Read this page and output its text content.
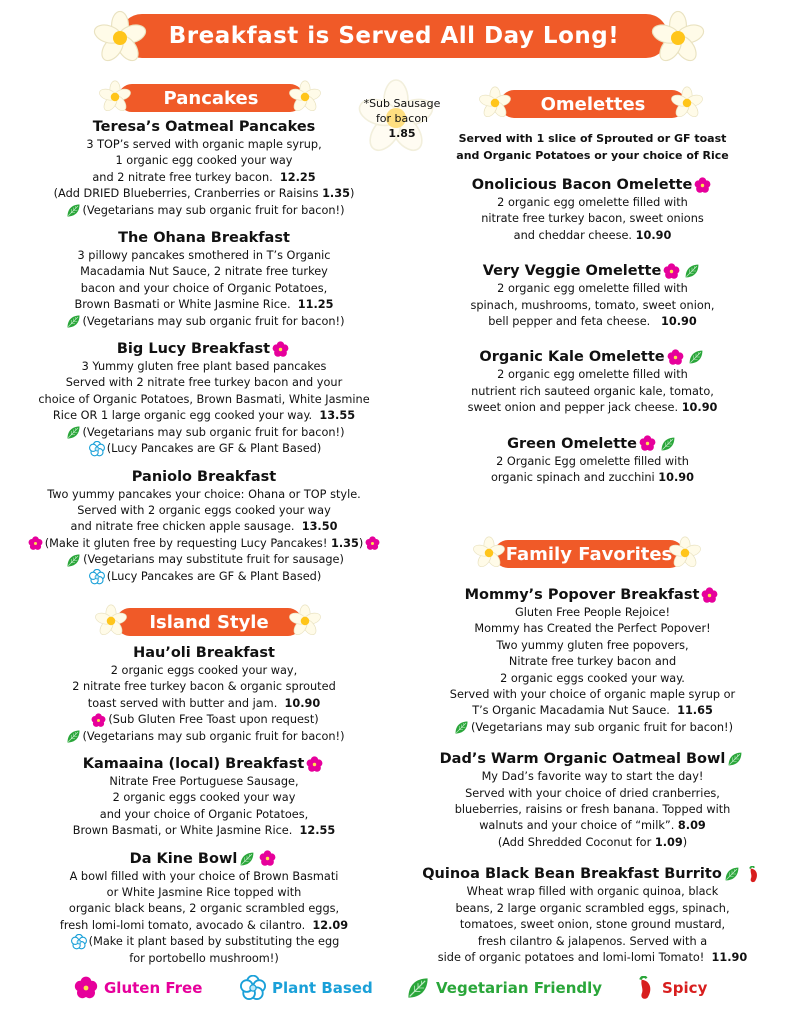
Breakfast is Served All Day Long!
Pancakes	*Sub Sausage
for bacon
1.85
Teresa’s Oatmeal Pancakes
3 TOP’s served with organic maple syrup,
1 organic egg cooked your way
and 2 nitrate free turkey bacon. 12.25
(Add DRIED Blueberries, Cranberries or Raisins 1.35)
(Vegetarians may sub organic fruit for bacon!)
The Ohana Breakfast
3 pillowy pancakes smothered in T’s Organic
Macadamia Nut Sauce, 2 nitrate free turkey
bacon and your choice of Organic Potatoes,
Brown Basmati or White Jasmine Rice. 11.25
(Vegetarians may sub organic fruit for bacon!)
Big Lucy Breakfast
3 Yummy gluten free plant based pancakes
Served with 2 nitrate free turkey bacon and your
choice of Organic Potatoes, Brown Basmati, White Jasmine
Rice OR 1 large organic egg cooked your way. 13.55
(Vegetarians may sub organic fruit for bacon!)
(Lucy Pancakes are GF & Plant Based)
Paniolo Breakfast
Two yummy pancakes your choice: Ohana or TOP style.
Served with 2 organic eggs cooked your way
and nitrate free chicken apple sausage. 13.50
(Make it gluten free by requesting Lucy Pancakes! 1.35)
(Vegetarians may substitute fruit for sausage)
(Lucy Pancakes are GF & Plant Based)
Island Style
Hau’oli Breakfast
2 organic eggs cooked your way,
2 nitrate free turkey bacon & organic sprouted
toast served with butter and jam. 10.90
(Sub Gluten Free Toast upon request)
(Vegetarians may sub organic fruit for bacon!)
Kamaaina (local) Breakfast
Nitrate Free Portuguese Sausage,
2 organic eggs cooked your way
and your choice of Organic Potatoes,
Brown Basmati, or White Jasmine Rice. 12.55
Da Kine Bowl
A bowl filled with your choice of Brown Basmati
or White Jasmine Rice topped with
organic black beans, 2 organic scrambled eggs,
fresh lomi-lomi tomato, avocado & cilantro. 12.09
(Make it plant based by substituting the egg
for portobello mushroom!)
Omelettes
Served with 1 slice of Sprouted or GF toast
and Organic Potatoes or your choice of Rice
Onolicious Bacon Omelette
2 organic egg omelette filled with
nitrate free turkey bacon, sweet onions
and cheddar cheese. 10.90
Very Veggie Omelette
2 organic egg omelette filled with
spinach, mushrooms, tomato, sweet onion,
bell pepper and feta cheese. 10.90
Organic Kale Omelette
2 organic egg omelette filled with
nutrient rich sauteed organic kale, tomato,
sweet onion and pepper jack cheese. 10.90
Green Omelette
2 Organic Egg omelette filled with
organic spinach and zucchini 10.90
Family Favorites
Mommy’s Popover Breakfast
Gluten Free People Rejoice!
Mommy has Created the Perfect Popover!
Two yummy gluten free popovers,
Nitrate free turkey bacon and
2 organic eggs cooked your way.
Served with your choice of organic maple syrup or
T’s Organic Macadamia Nut Sauce. 11.65
(Vegetarians may sub organic fruit for bacon!)
Dad’s Warm Organic Oatmeal Bowl
My Dad’s favorite way to start the day!
Served with your choice of dried cranberries,
blueberries, raisins or fresh banana. Topped with
walnuts and your choice of “milk”. 8.09
(Add Shredded Coconut for 1.09)
Quinoa Black Bean Breakfast Burrito
Wheat wrap filled with organic quinoa, black
beans, 2 large organic scrambled eggs, spinach,
tomatoes, sweet onion, stone ground mustard,
fresh cilantro & jalapenos. Served with a
side of organic potatoes and lomi-lomi Tomato! 11.90
Gluten Free	Plant Based	Vegetarian Friendly	Spicy
